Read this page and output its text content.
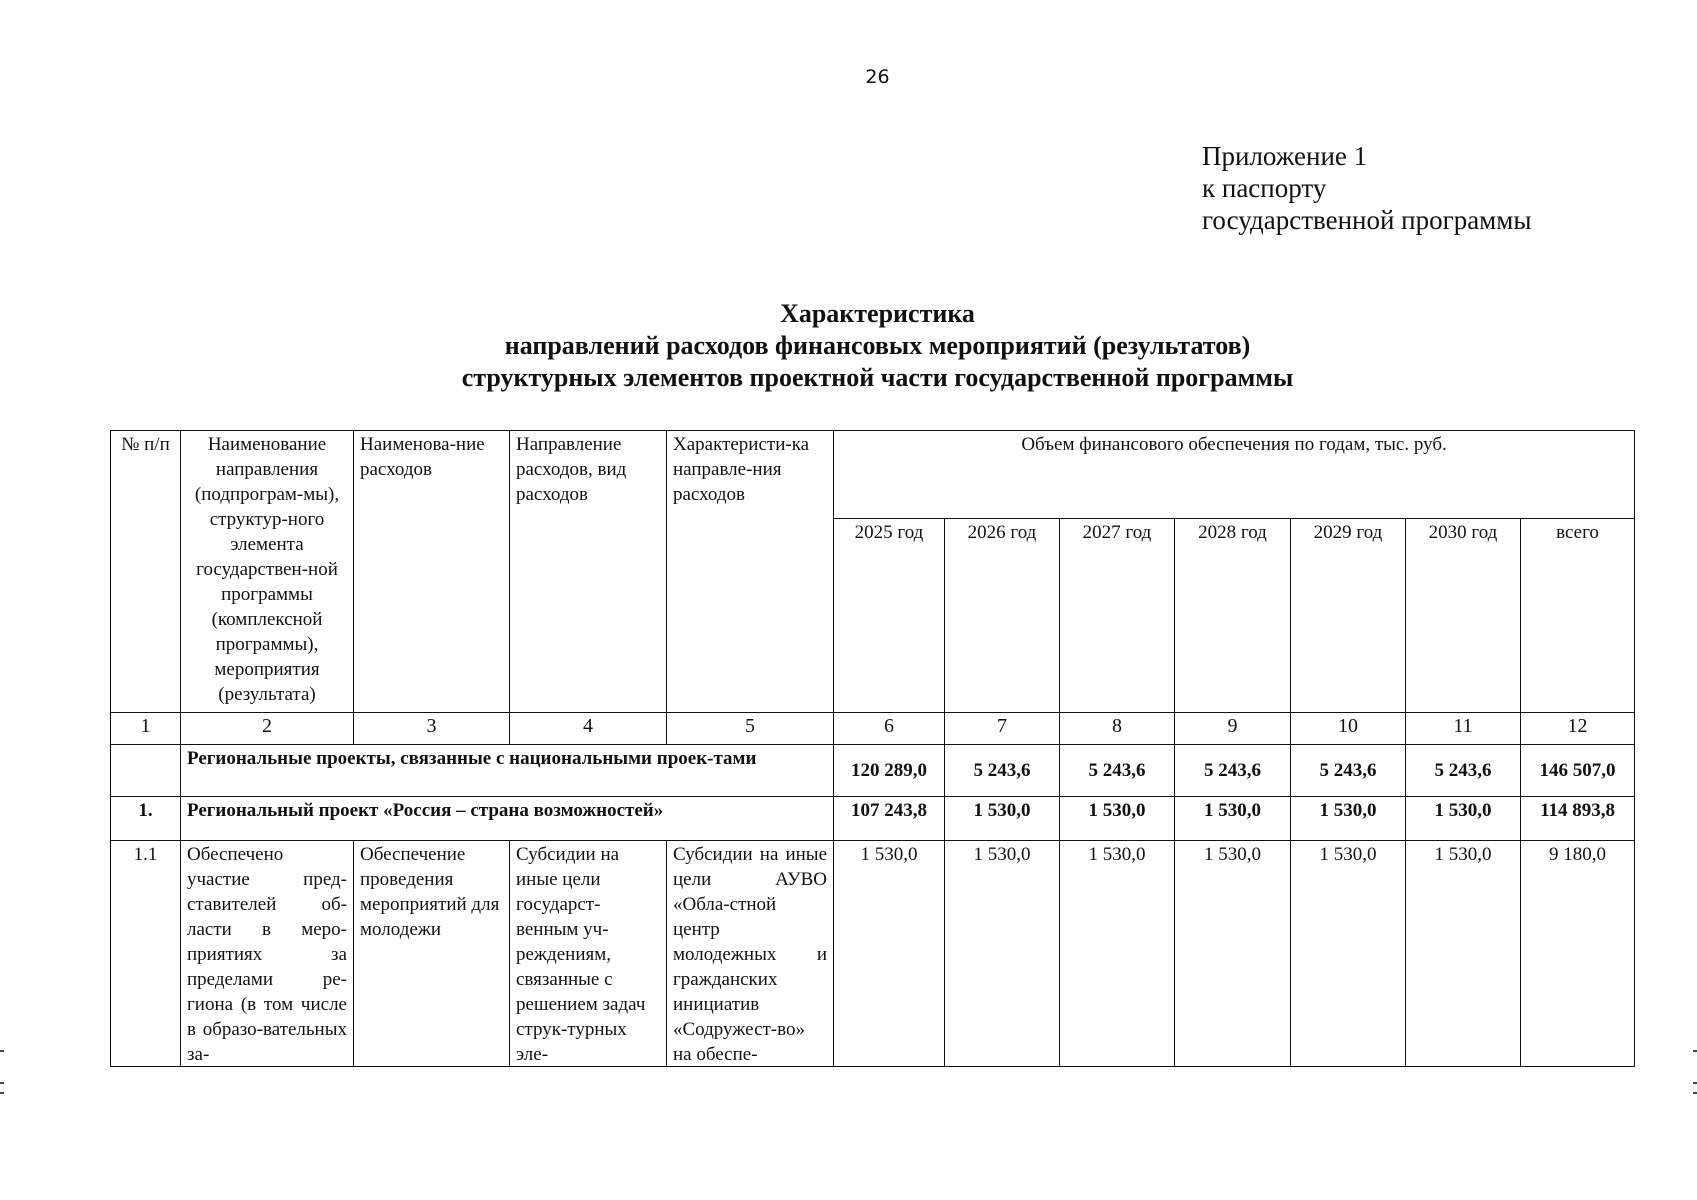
26
Приложение 1
к паспорту
государственной программы
Характеристика
направлений расходов финансовых мероприятий (результатов)
структурных элементов проектной части государственной программы
№ п/п	Наименование направления (подпрограм-мы), структур-ного элемента государствен-ной программы (комплексной программы), мероприятия (результата)	Наименова-ние расходов	Направление расходов, вид расходов	Характеристи-ка направле-ния расходов	Объем финансового обеспечения по годам, тыс. руб.						
					2025 год	2026 год	2027 год	2028 год	2029 год	2030 год	всего
1	2	3	4	5	6	7	8	9	10	11	12
	Региональные проекты, связанные с национальными проек-тами				120 289,0	5 243,6	5 243,6	5 243,6	5 243,6	5 243,6	146 507,0
1.	Региональный проект «Россия – страна возможностей»				107 243,8	1 530,0	1 530,0	1 530,0	1 530,0	1 530,0	114 893,8
1.1	Обеспечено участие пред-ставителей об-ласти в меро-приятиях за пределами ре-гиона (в том числе в образо-вательных за-	Обеспечение проведения мероприятий для молодежи	Субсидии на иные цели государст-венным уч-реждениям, связанные с решением задач струк-турных эле-	Субсидии на иные цели АУВО «Обла-стной центр молодежных и гражданских инициатив «Содружест-во» на обеспе-	1 530,0	1 530,0	1 530,0	1 530,0	1 530,0	1 530,0	9 180,0
